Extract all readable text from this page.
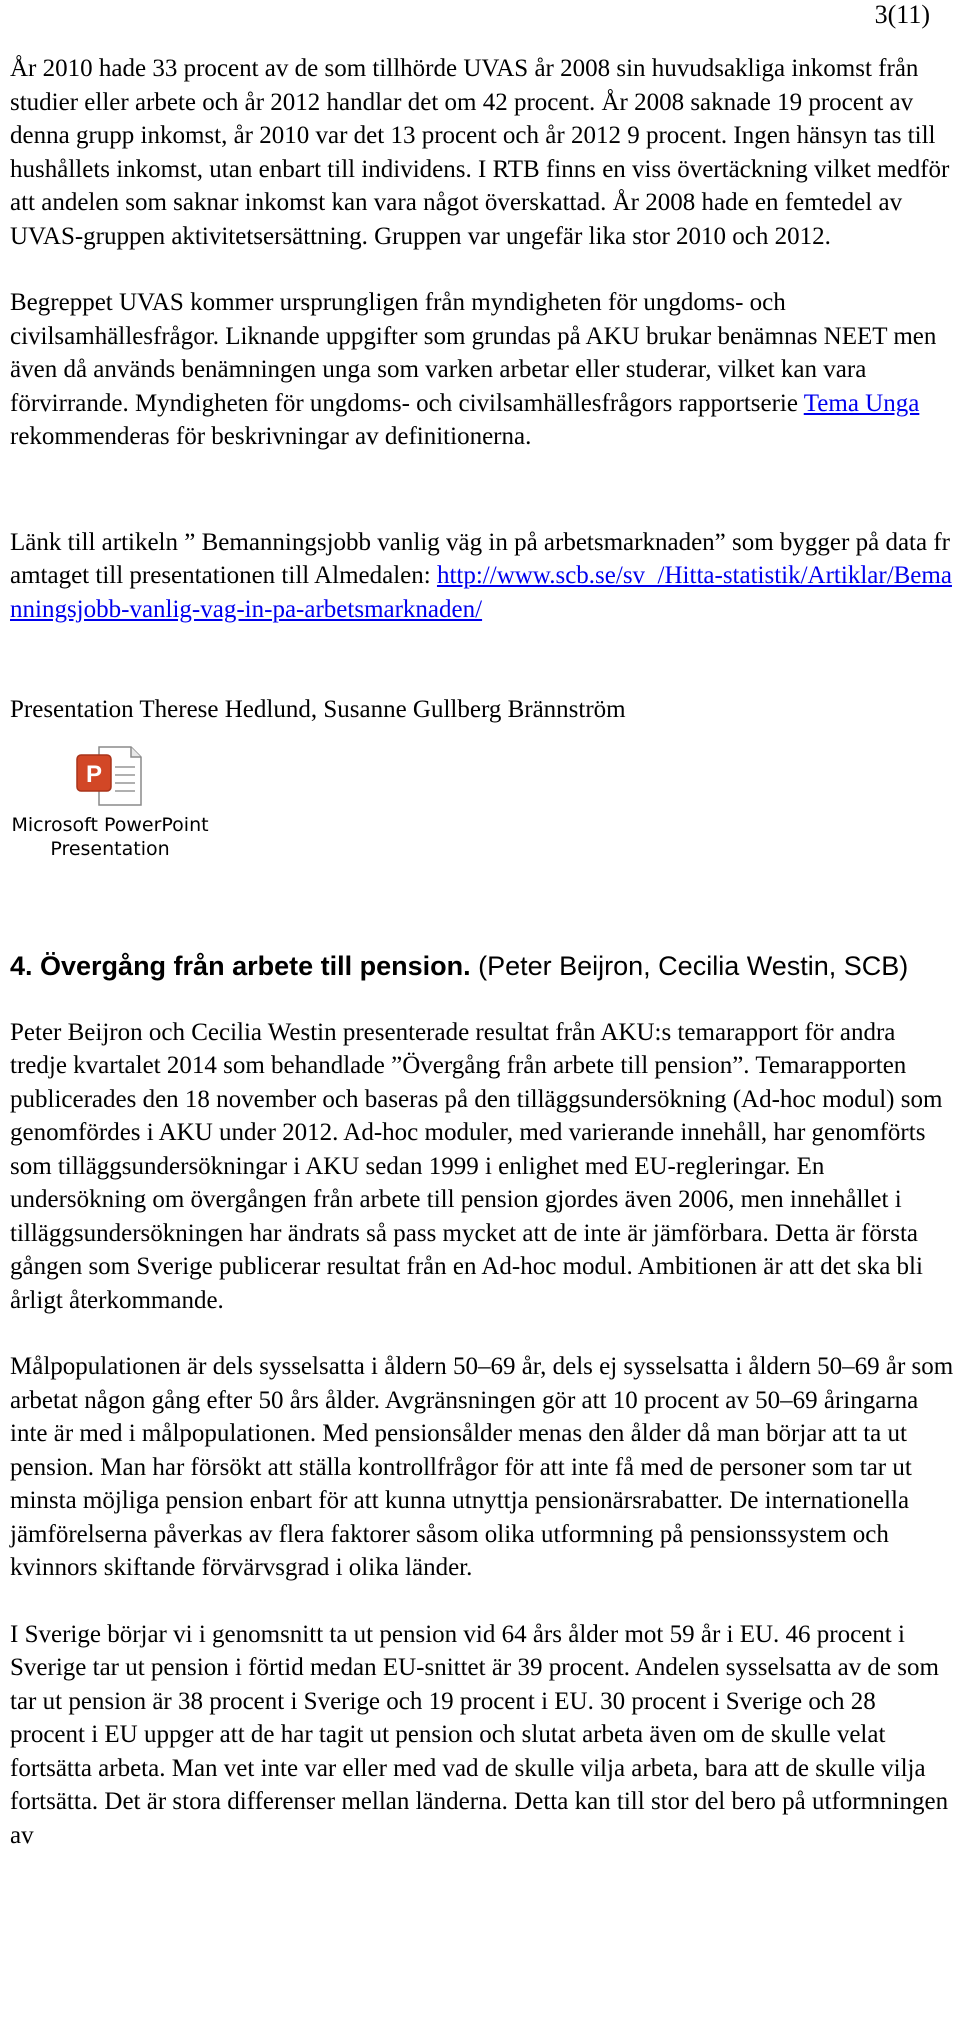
3(11)

År 2010 hade 33 procent av de som tillhörde UVAS år 2008 sin huvudsakliga inkomst från studier eller arbete och år 2012 handlar det om 42 procent. År 2008 saknade 19 procent av denna grupp inkomst, år 2010 var det 13 procent och år 2012 9 procent. Ingen hänsyn tas till hushållets inkomst, utan enbart till individens. I RTB finns en viss övertäckning vilket medför att andelen som saknar inkomst kan vara något överskattad. År 2008 hade en femtedel av UVAS-gruppen aktivitetsersättning. Gruppen var ungefär lika stor 2010 och 2012.

Begreppet UVAS kommer ursprungligen från myndigheten för ungdoms- och civilsamhällesfrågor. Liknande uppgifter som grundas på AKU brukar benämnas NEET men även då används benämningen unga som varken arbetar eller studerar, vilket kan vara förvirrande. Myndigheten för ungdoms- och civilsamhällesfrågors rapportserie Tema Unga rekommenderas för beskrivningar av definitionerna.

Länk till artikeln ” Bemanningsjobb vanlig väg in på arbetsmarknaden” som bygger på data framtaget till presentationen till Almedalen: http://www.scb.se/sv_/Hitta-statistik/Artiklar/Bemanningsjobb-vanlig-vag-in-pa-arbetsmarknaden/

Presentation Therese Hedlund, Susanne Gullberg Brännström

P
Microsoft PowerPoint
Presentation

4. Övergång från arbete till pension. (Peter Beijron, Cecilia Westin, SCB)

Peter Beijron och Cecilia Westin presenterade resultat från AKU:s temarapport för andra tredje kvartalet 2014 som behandlade ”Övergång från arbete till pension”. Temarapporten publicerades den 18 november och baseras på den tilläggsundersökning (Ad-hoc modul) som genomfördes i AKU under 2012. Ad-hoc moduler, med varierande innehåll, har genomförts som tilläggsundersökningar i AKU sedan 1999 i enlighet med EU-regleringar. En undersökning om övergången från arbete till pension gjordes även 2006, men innehållet i tilläggsundersökningen har ändrats så pass mycket att de inte är jämförbara. Detta är första gången som Sverige publicerar resultat från en Ad-hoc modul. Ambitionen är att det ska bli årligt återkommande.

Målpopulationen är dels sysselsatta i åldern 50–69 år, dels ej sysselsatta i åldern 50–69 år som arbetat någon gång efter 50 års ålder. Avgränsningen gör att 10 procent av 50–69 åringarna inte är med i målpopulationen. Med pensionsålder menas den ålder då man börjar att ta ut pension. Man har försökt att ställa kontrollfrågor för att inte få med de personer som tar ut minsta möjliga pension enbart för att kunna utnyttja pensionärsrabatter. De internationella jämförelserna påverkas av flera faktorer såsom olika utformning på pensionssystem och kvinnors skiftande förvärvsgrad i olika länder.

I Sverige börjar vi i genomsnitt ta ut pension vid 64 års ålder mot 59 år i EU. 46 procent i Sverige tar ut pension i förtid medan EU-snittet är 39 procent. Andelen sysselsatta av de som tar ut pension är 38 procent i Sverige och 19 procent i EU. 30 procent i Sverige och 28 procent i EU uppger att de har tagit ut pension och slutat arbeta även om de skulle velat fortsätta arbeta. Man vet inte var eller med vad de skulle vilja arbeta, bara att de skulle vilja fortsätta. Det är stora differenser mellan länderna. Detta kan till stor del bero på utformningen av
